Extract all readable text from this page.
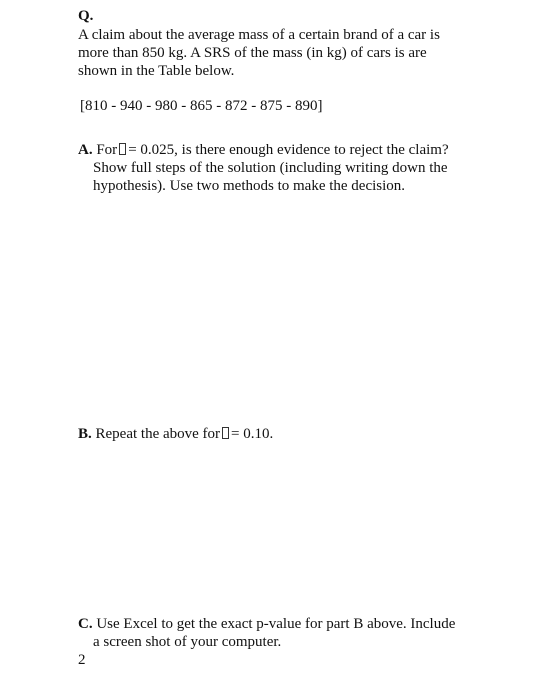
Q.
A claim about the average mass of a certain brand of a car is
more than 850 kg. A SRS of the mass (in kg) of cars is are
shown in the Table below.
[810 - 940 - 980 - 865 - 872 - 875 - 890]
A. For = 0.025, is there enough evidence to reject the claim?
Show full steps of the solution (including writing down the
hypothesis). Use two methods to make the decision.
B. Repeat the above for = 0.10.
C. Use Excel to get the exact p-value for part B above. Include
a screen shot of your computer.
2
